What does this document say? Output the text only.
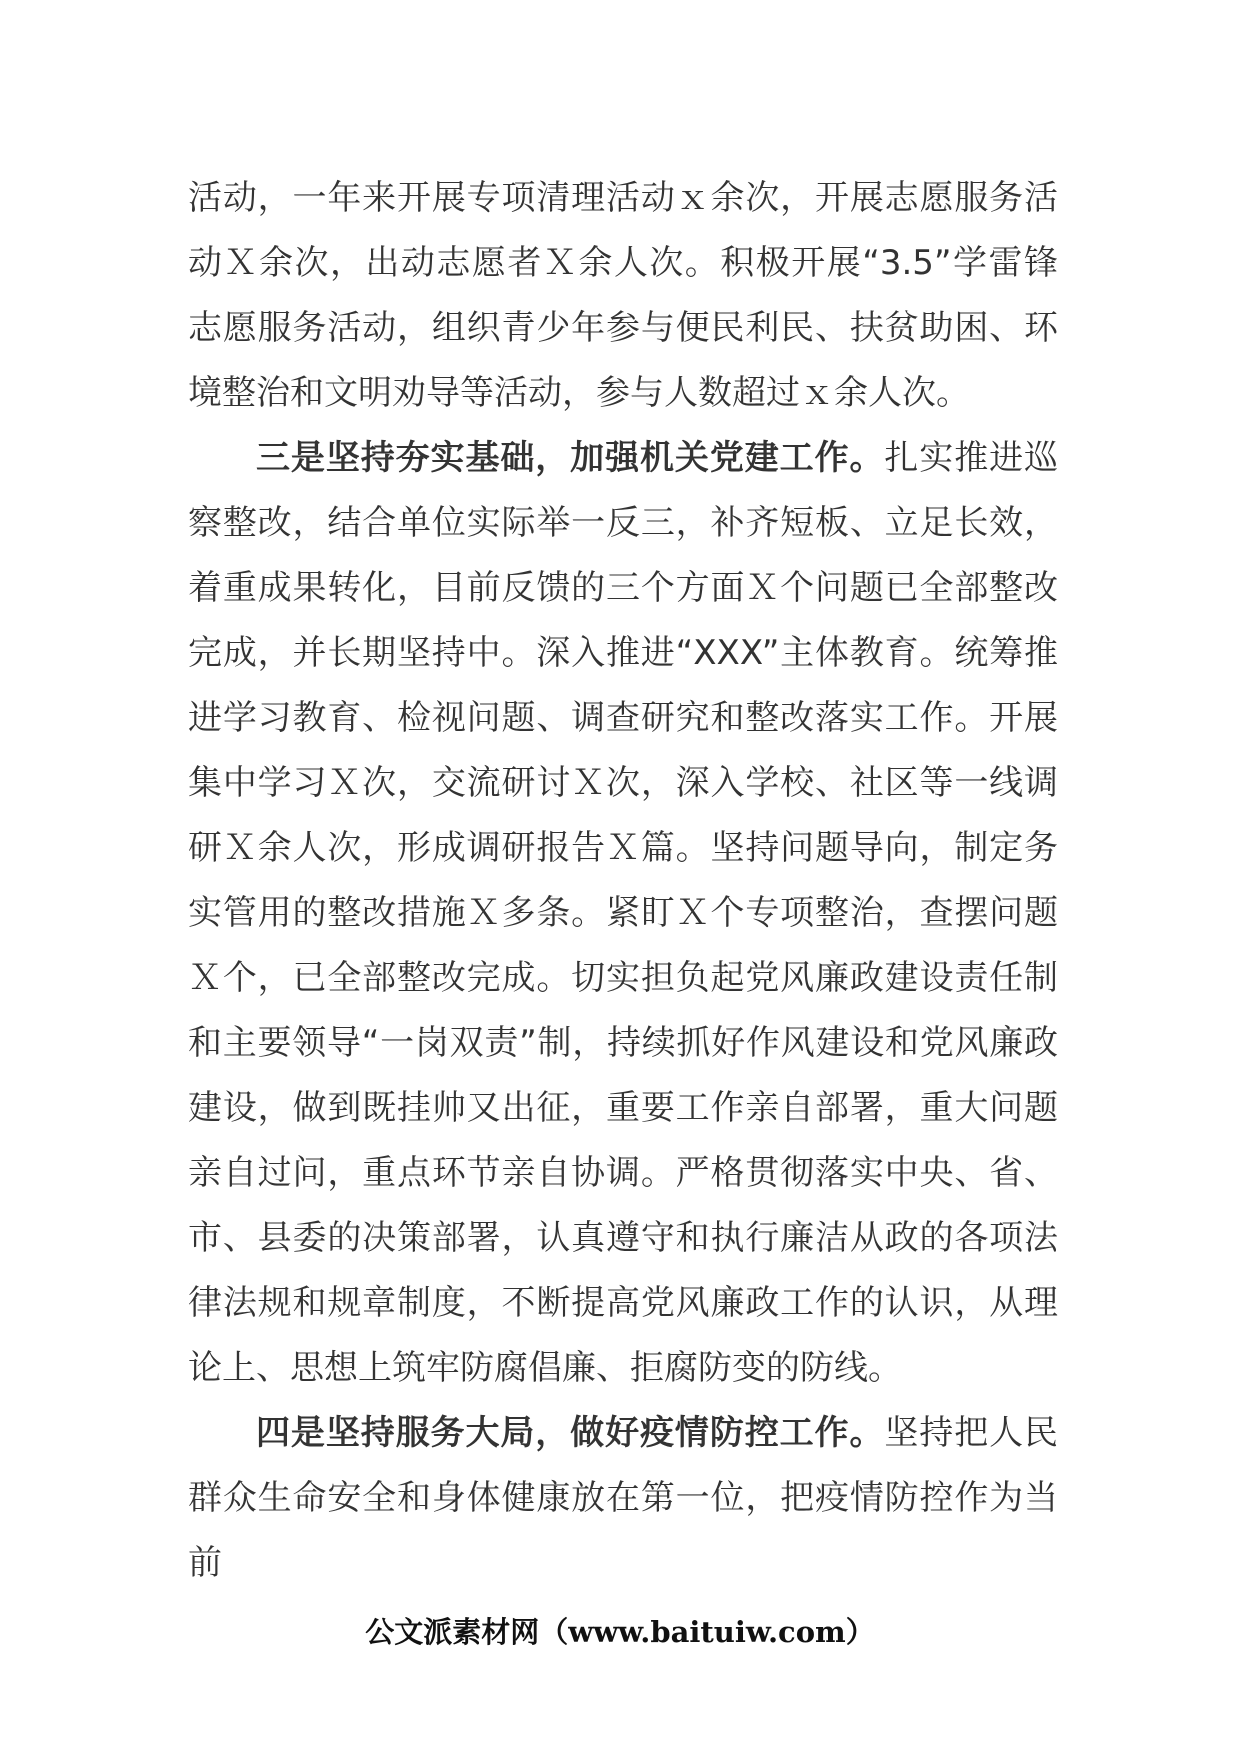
活动，一年来开展专项清理活动ｘ余次，开展志愿服务活动Ｘ余次，出动志愿者Ｘ余人次。积极开展“3.5”学雷锋志愿服务活动，组织青少年参与便民利民、扶贫助困、环境整治和文明劝导等活动，参与人数超过ｘ余人次。

三是坚持夯实基础，加强机关党建工作。扎实推进巡察整改，结合单位实际举一反三，补齐短板、立足长效，着重成果转化，目前反馈的三个方面Ｘ个问题已全部整改完成，并长期坚持中。深入推进“XXX”主体教育。统筹推进学习教育、检视问题、调查研究和整改落实工作。开展集中学习Ｘ次，交流研讨Ｘ次，深入学校、社区等一线调研Ｘ余人次，形成调研报告Ｘ篇。坚持问题导向，制定务实管用的整改措施Ｘ多条。紧盯Ｘ个专项整治，查摆问题Ｘ个，已全部整改完成。切实担负起党风廉政建设责任制和主要领导“一岗双责”制，持续抓好作风建设和党风廉政建设，做到既挂帅又出征，重要工作亲自部署，重大问题亲自过问，重点环节亲自协调。严格贯彻落实中央、省、市、县委的决策部署，认真遵守和执行廉洁从政的各项法律法规和规章制度，不断提高党风廉政工作的认识，从理论上、思想上筑牢防腐倡廉、拒腐防变的防线。

四是坚持服务大局，做好疫情防控工作。坚持把人民群众生命安全和身体健康放在第一位，把疫情防控作为当前

公文派素材网（www.baituiw.com）
